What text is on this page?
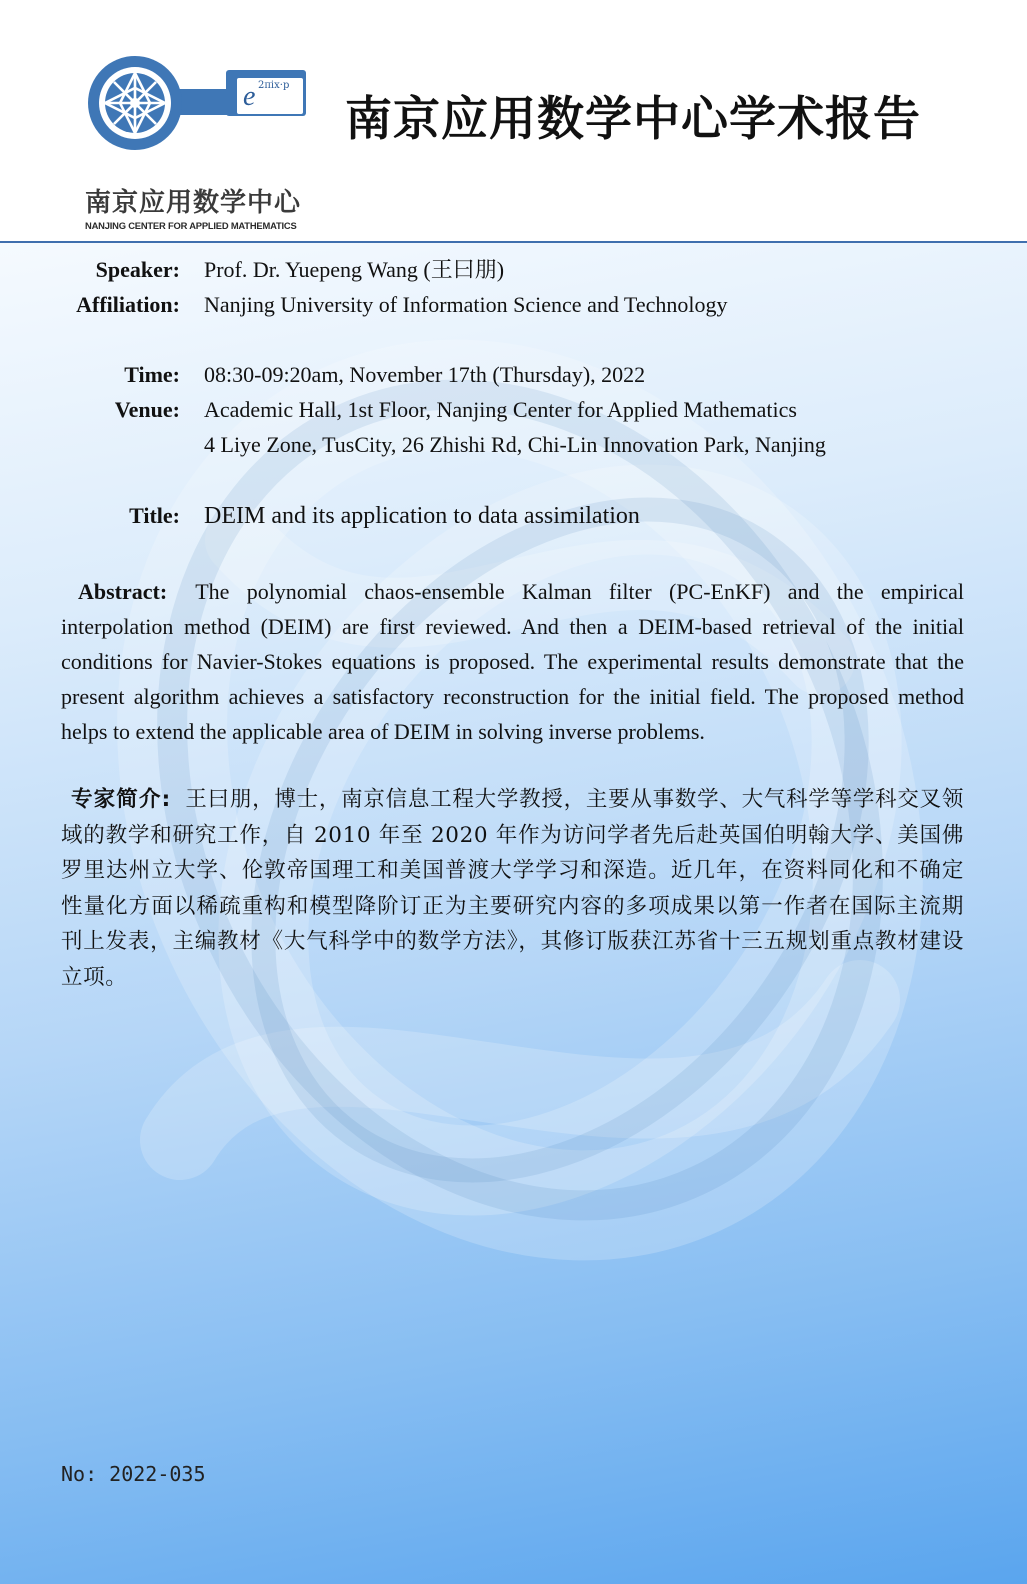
e 2πix·p
南京应用数学中心
NANJING CENTER FOR APPLIED MATHEMATICS
南京应用数学中心学术报告
Speaker: Prof. Dr. Yuepeng Wang (王曰朋)
Affiliation: Nanjing University of Information Science and Technology
Time: 08:30-09:20am, November 17th (Thursday), 2022
Venue: Academic Hall, 1st Floor, Nanjing Center for Applied Mathematics
4 Liye Zone, TusCity, 26 Zhishi Rd, Chi-Lin Innovation Park, Nanjing
Title: DEIM and its application to data assimilation
Abstract: The polynomial chaos-ensemble Kalman filter (PC-EnKF) and the empirical interpolation method (DEIM) are first reviewed. And then a DEIM-based retrieval of the initial conditions for Navier-Stokes equations is proposed. The experimental results demonstrate that the present algorithm achieves a satisfactory reconstruction for the initial field. The proposed method helps to extend the applicable area of DEIM in solving inverse problems.
专家简介: 王曰朋，博士，南京信息工程大学教授，主要从事数学、大气科学等学科交叉领域的教学和研究工作，自 2010 年至 2020 年作为访问学者先后赴英国伯明翰大学、美国佛罗里达州立大学、伦敦帝国理工和美国普渡大学学习和深造。近几年，在资料同化和不确定性量化方面以稀疏重构和模型降阶订正为主要研究内容的多项成果以第一作者在国际主流期刊上发表，主编教材《大气科学中的数学方法》，其修订版获江苏省十三五规划重点教材建设立项。
No: 2022-035
